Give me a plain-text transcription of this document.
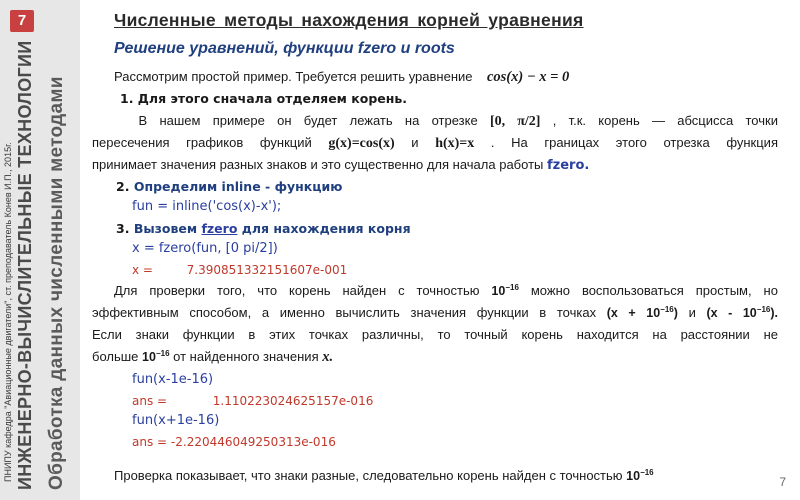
7
ПНИПУ кафедра "Авиационные двигатели", ст. преподаватель Конев И.П., 2015г. ИНЖЕНЕРНО-ВЫЧИСЛИТЕЛЬНЫЕ ТЕХНОЛОГИИ Обработка данных численными методами
Численные методы нахождения корней уравнения
Решение уравнений, функции fzero и roots
Рассмотрим простой пример. Требуется решить уравнение cos(x) − x = 0
1. Для этого сначала отделяем корень.
В нашем примере он будет лежать на отрезке [0, π/2] , т.к. корень — абсцисса точки
пересечения графиков функций g(x)=cos(x) и h(x)=x . На границах этого отрезка функция
принимает значения разных знаков и это существенно для начала работы fzero.
2. Определим inline - функцию
fun = inline('cos(x)-x');
3. Вызовем fzero для нахождения корня
x = fzero(fun, [0 pi/2])
x =	7.390851332151607e-001
Для проверки того, что корень найден с точностью $10^{-16}$ можно воспользоваться простым, но
эффективным способом, а именно вычислить значения функции в точках $(x + 10^{-16})$ и $(x - 10^{-16})$.
Если знаки функции в этих точках различны, то точный корень находится на расстоянии не
больше $10^{-16}$ от найденного значения x.
fun(x-1e-16)
ans =	1.110223024625157e-016
fun(x+1e-16)
ans = -2.220446049250313e-016
Проверка показывает, что знаки разные, следовательно корень найден с точностью $10^{-16}$
7
